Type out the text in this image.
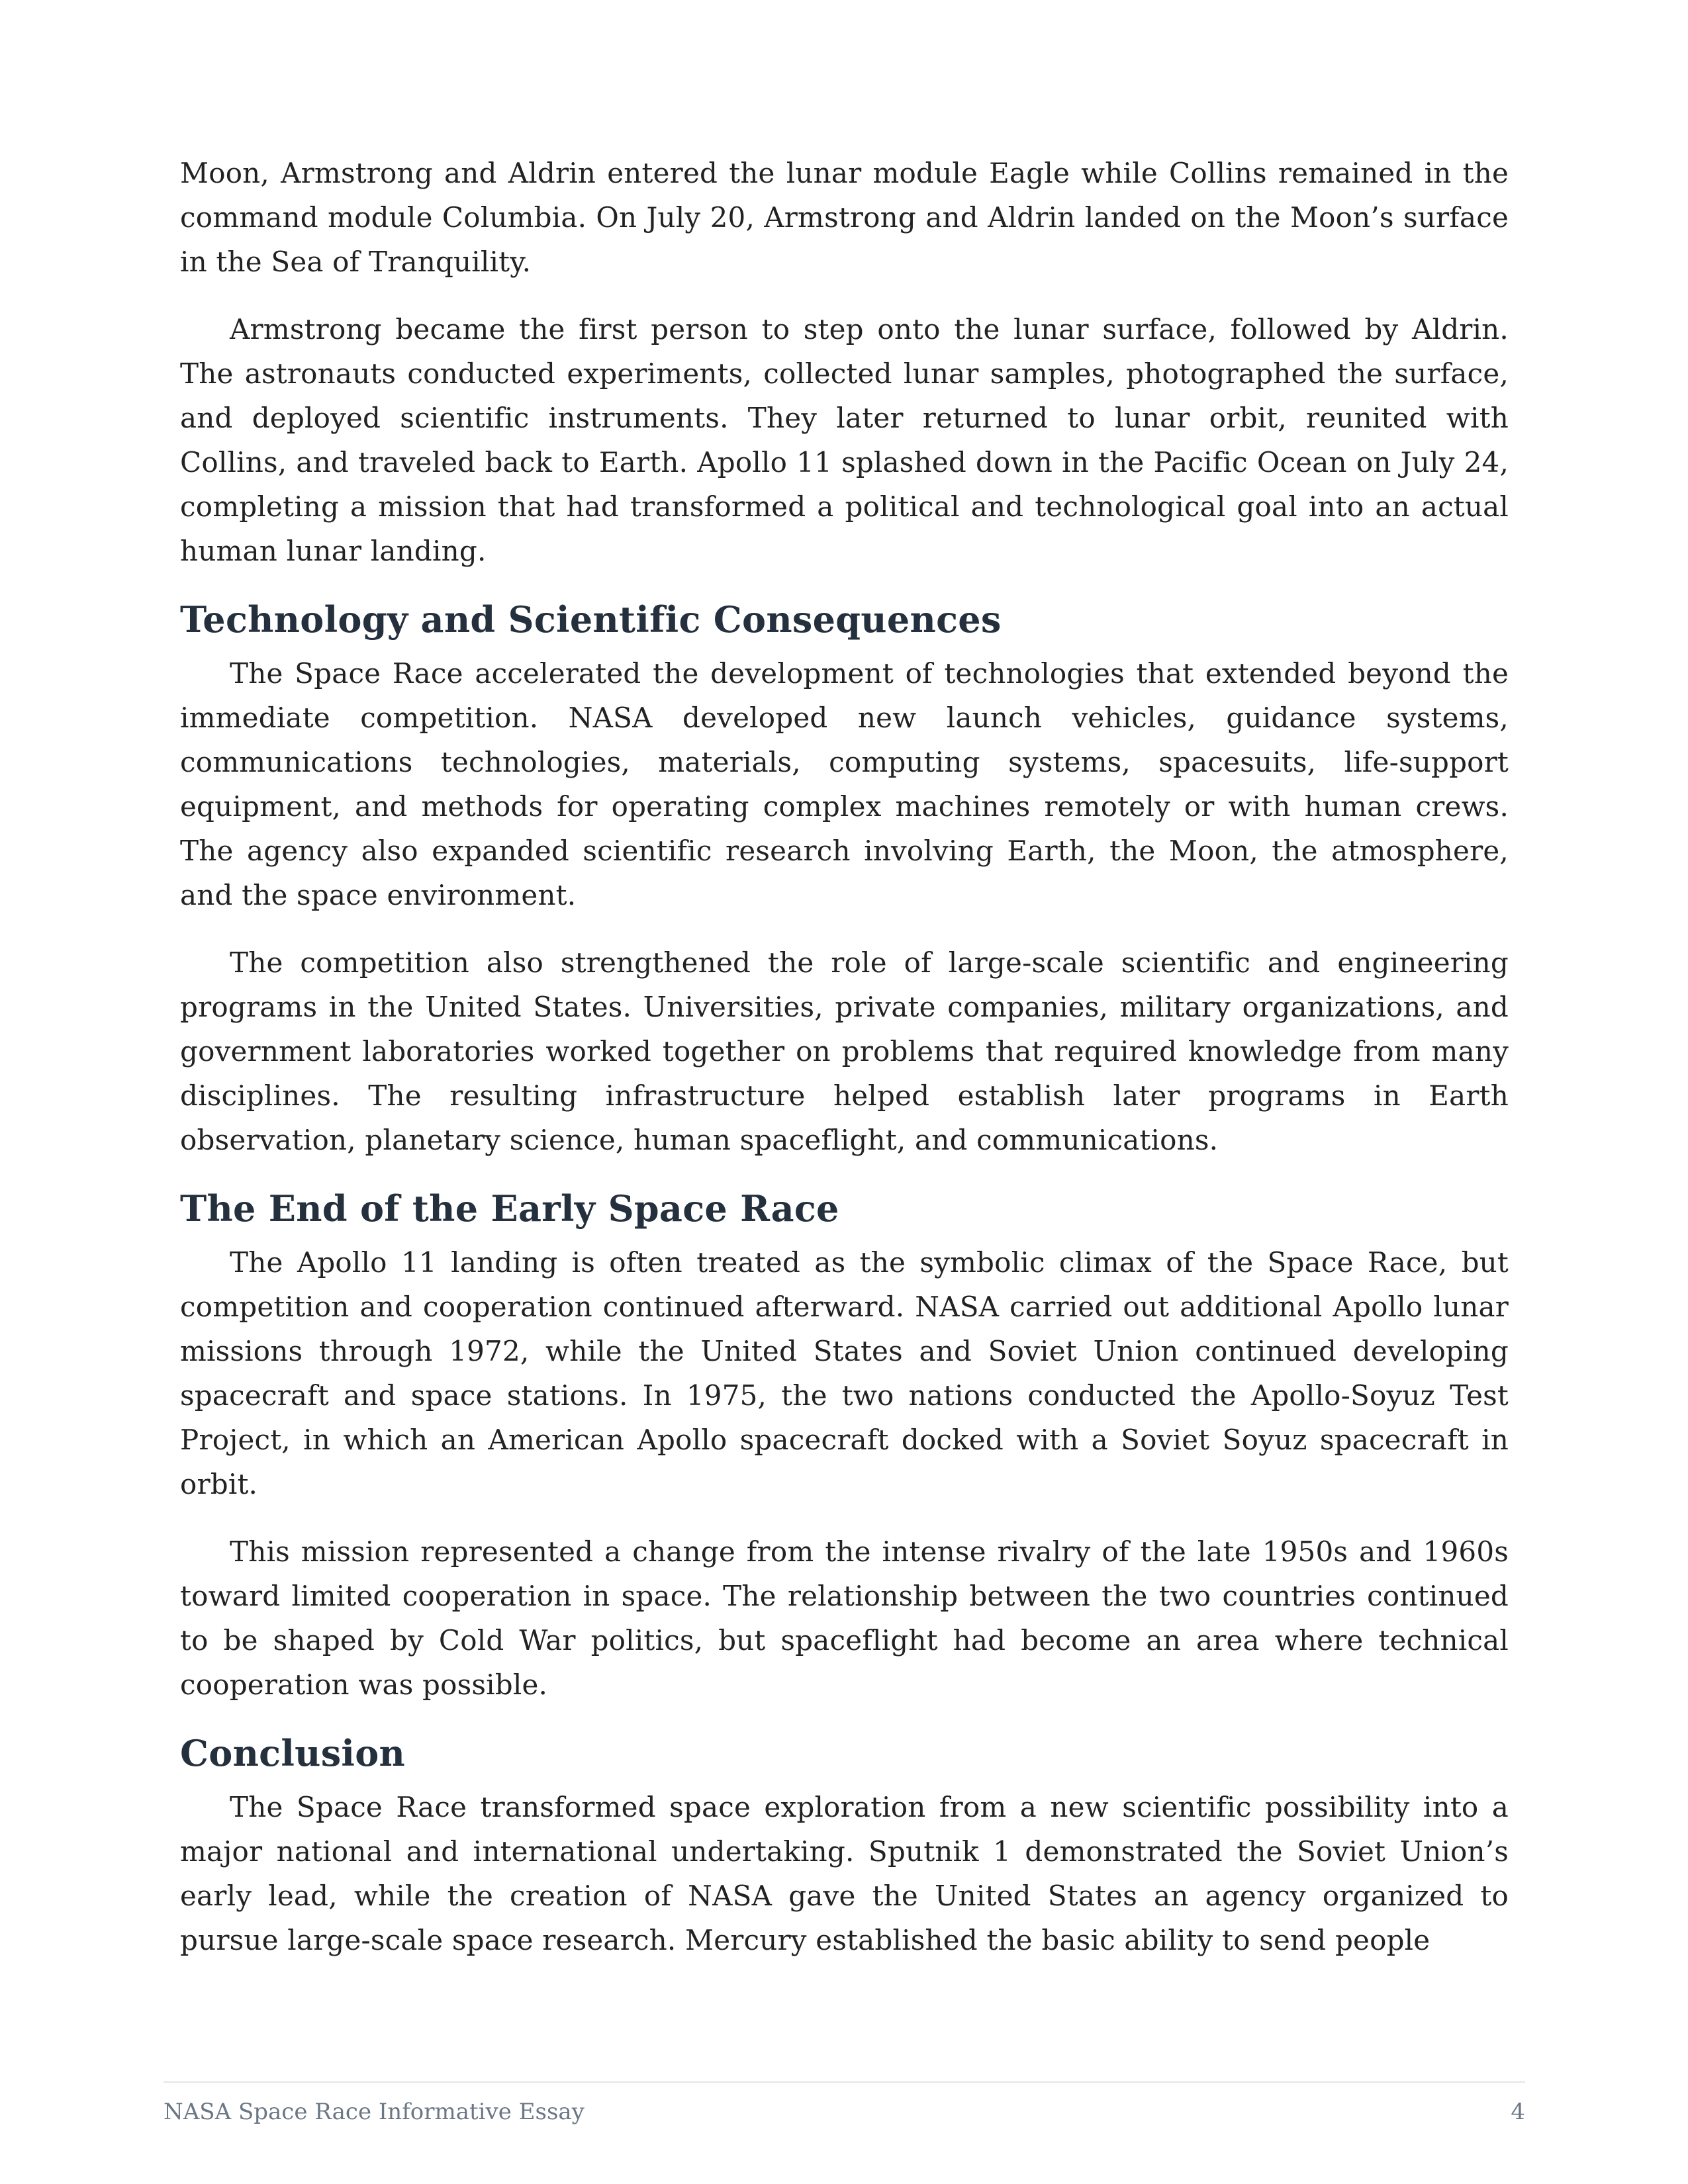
Moon, Armstrong and Aldrin entered the lunar module Eagle while Collins remained in the command module Columbia. On July 20, Armstrong and Aldrin landed on the Moon’s surface in the Sea of Tranquility.

Armstrong became the first person to step onto the lunar surface, followed by Aldrin. The astronauts conducted experiments, collected lunar samples, photographed the surface, and deployed scientific instruments. They later returned to lunar orbit, reunited with Collins, and traveled back to Earth. Apollo 11 splashed down in the Pacific Ocean on July 24, completing a mission that had transformed a political and technological goal into an actual human lunar landing.

Technology and Scientific Consequences

The Space Race accelerated the development of technologies that extended beyond the immediate competition. NASA developed new launch vehicles, guidance systems, communications technologies, materials, computing systems, spacesuits, life-support equipment, and methods for operating complex machines remotely or with human crews. The agency also expanded scientific research involving Earth, the Moon, the atmosphere, and the space environment.

The competition also strengthened the role of large-scale scientific and engineering programs in the United States. Universities, private companies, military organizations, and government laboratories worked together on problems that required knowledge from many disciplines. The resulting infrastructure helped establish later programs in Earth observation, planetary science, human spaceflight, and communications.

The End of the Early Space Race

The Apollo 11 landing is often treated as the symbolic climax of the Space Race, but competition and cooperation continued afterward. NASA carried out additional Apollo lunar missions through 1972, while the United States and Soviet Union continued developing spacecraft and space stations. In 1975, the two nations conducted the Apollo-Soyuz Test Project, in which an American Apollo spacecraft docked with a Soviet Soyuz spacecraft in orbit.

This mission represented a change from the intense rivalry of the late 1950s and 1960s toward limited cooperation in space. The relationship between the two countries continued to be shaped by Cold War politics, but spaceflight had become an area where technical cooperation was possible.

Conclusion

The Space Race transformed space exploration from a new scientific possibility into a major national and international undertaking. Sputnik 1 demonstrated the Soviet Union’s early lead, while the creation of NASA gave the United States an agency organized to pursue large-scale space research. Mercury established the basic ability to send people

NASA Space Race Informative Essay	4
